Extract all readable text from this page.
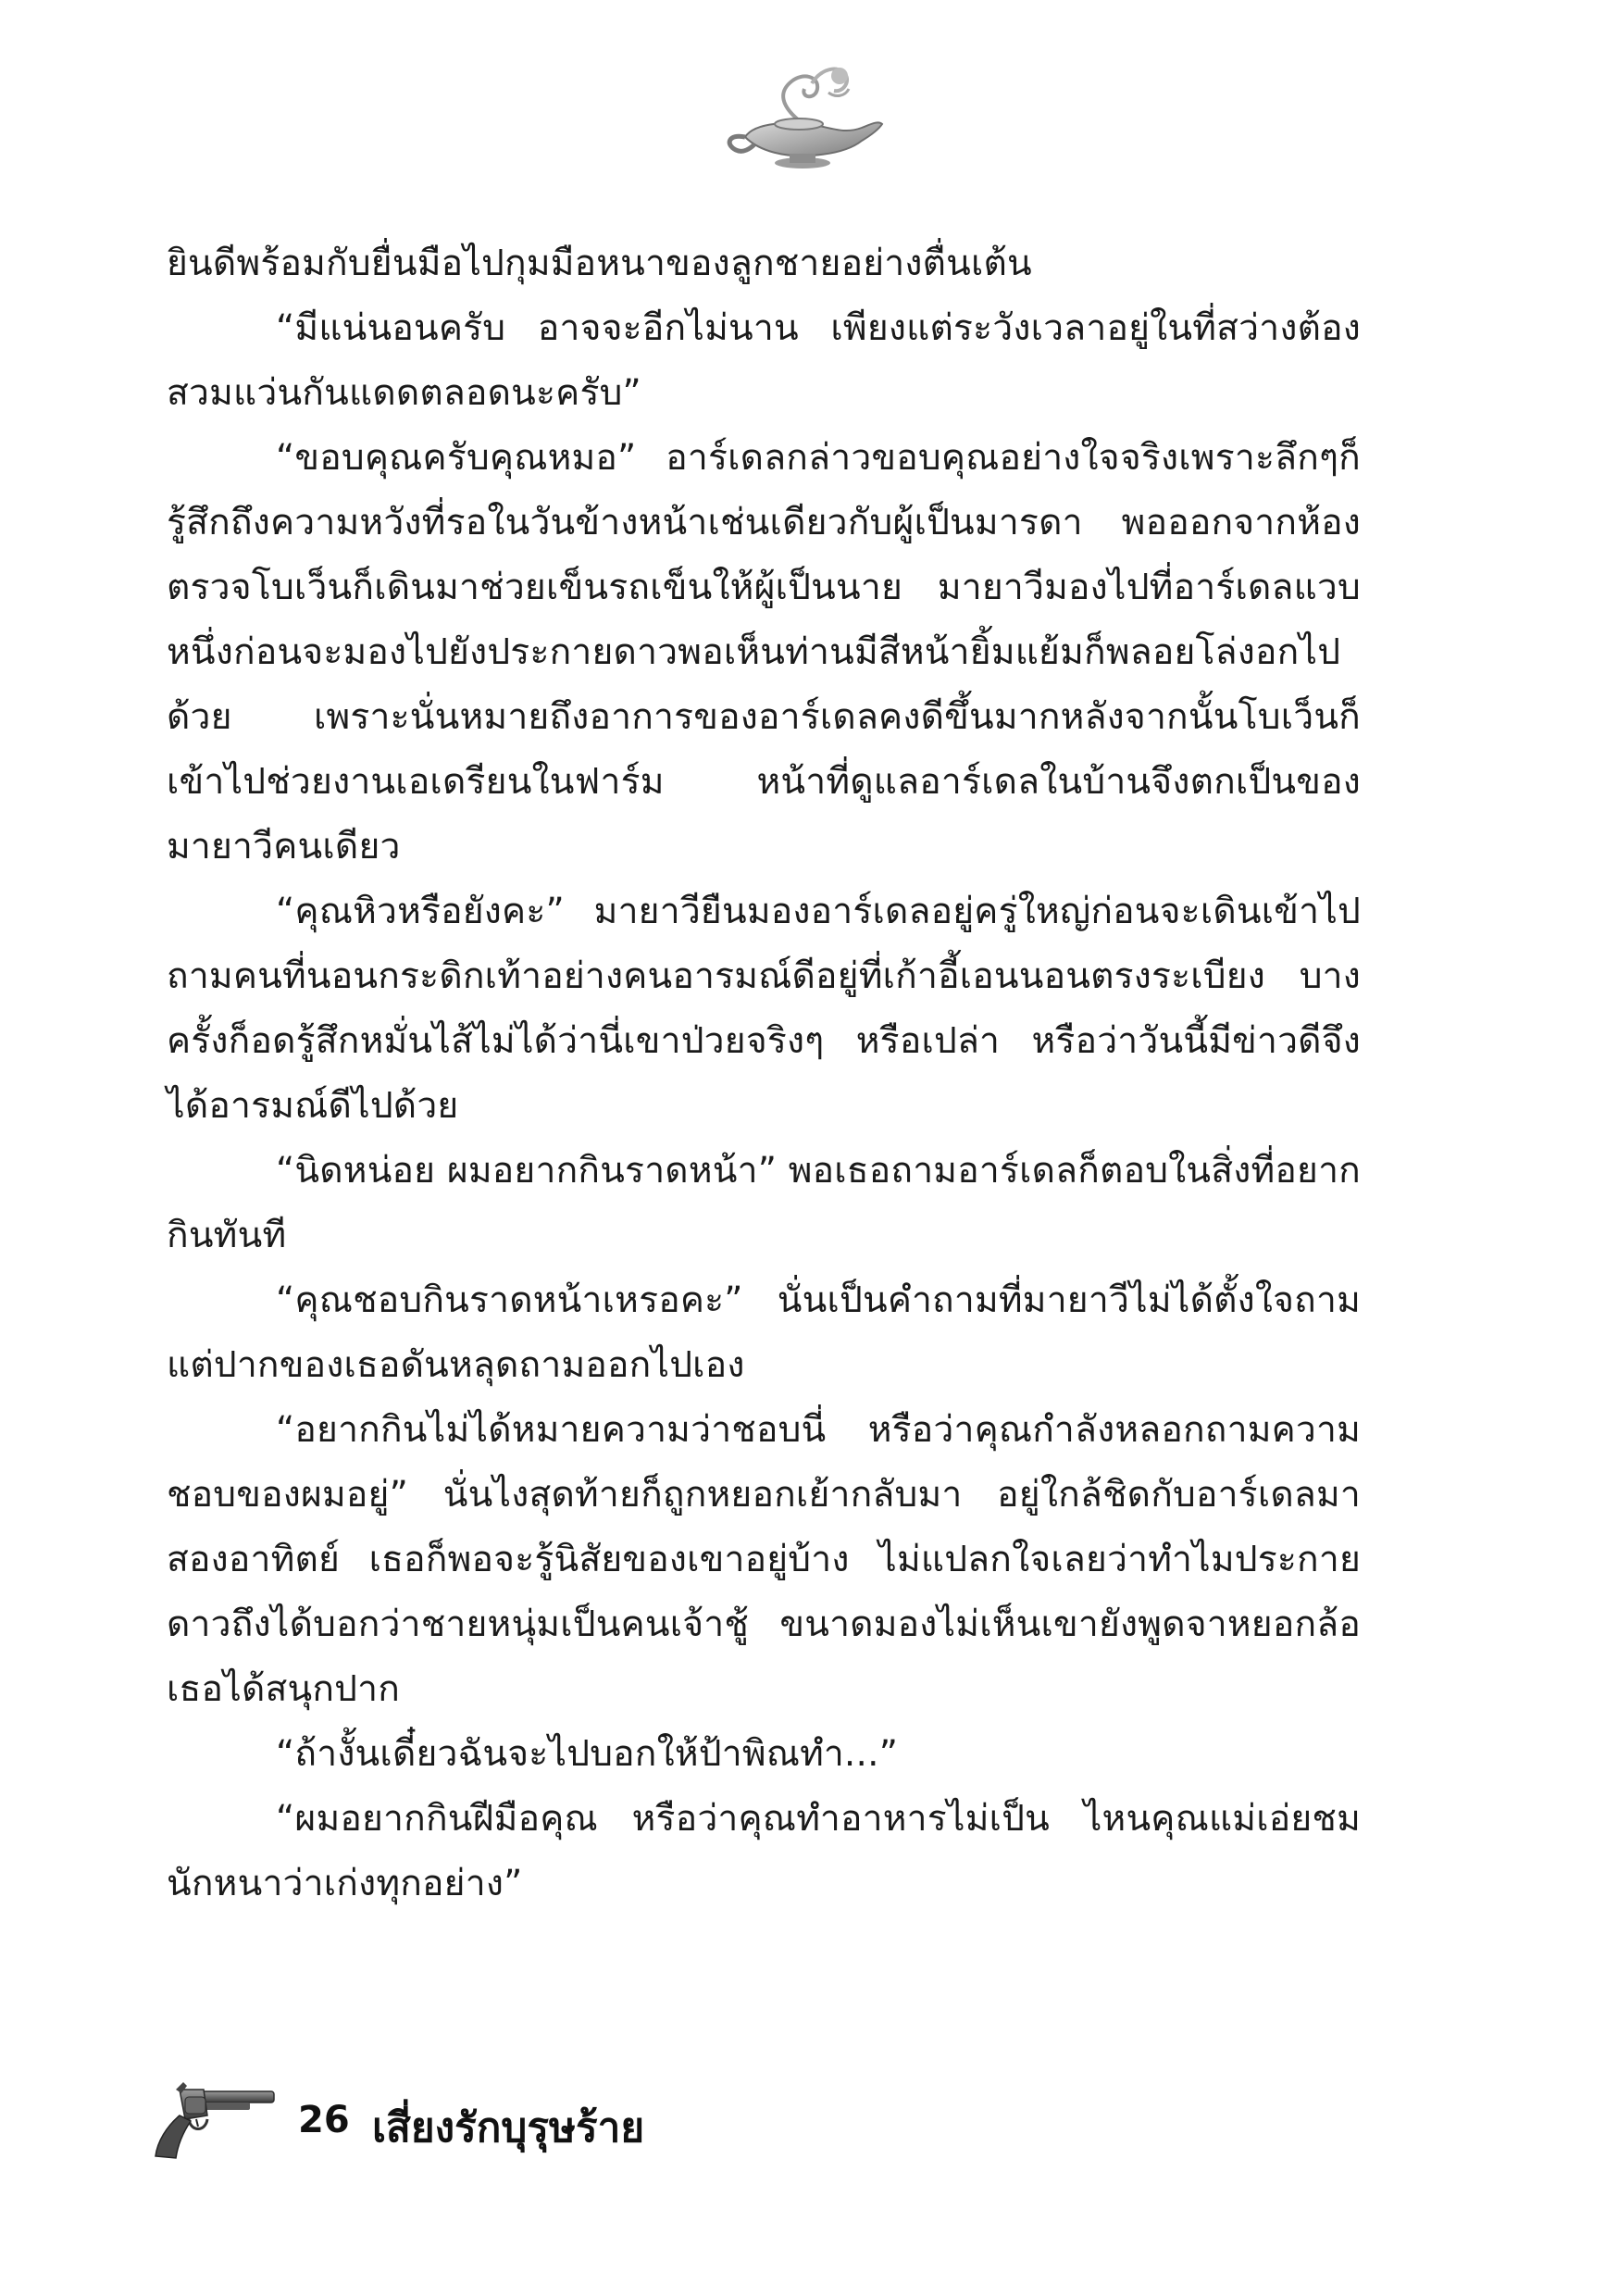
ยินดีพร้อมกับยื่นมือไปกุมมือหนาของลูกชายอย่างตื่นเต้น

“มีแน่นอนครับ อาจจะอีกไม่นาน เพียงแต่ระวังเวลาอยู่ในที่สว่างต้องสวมแว่นกันแดดตลอดนะครับ”

“ขอบคุณครับคุณหมอ” อาร์เดลกล่าวขอบคุณอย่างใจจริงเพราะลึกๆก็รู้สึกถึงความหวังที่รอในวันข้างหน้าเช่นเดียวกับผู้เป็นมารดา พอออกจากห้องตรวจโบเว็นก็เดินมาช่วยเข็นรถเข็นให้ผู้เป็นนาย มายาวีมองไปที่อาร์เดลแวบหนึ่งก่อนจะมองไปยังประกายดาวพอเห็นท่านมีสีหน้ายิ้มแย้มก็พลอยโล่งอกไปด้วย เพราะนั่นหมายถึงอาการของอาร์เดลคงดีขึ้นมากหลังจากนั้นโบเว็นก็เข้าไปช่วยงานเอเดรียนในฟาร์ม หน้าที่ดูแลอาร์เดลในบ้านจึงตกเป็นของมายาวีคนเดียว

“คุณหิวหรือยังคะ” มายาวียืนมองอาร์เดลอยู่ครู่ใหญ่ก่อนจะเดินเข้าไปถามคนที่นอนกระดิกเท้าอย่างคนอารมณ์ดีอยู่ที่เก้าอี้เอนนอนตรงระเบียง บางครั้งก็อดรู้สึกหมั่นไส้ไม่ได้ว่านี่เขาป่วยจริงๆ หรือเปล่า หรือว่าวันนี้มีข่าวดีจึงได้อารมณ์ดีไปด้วย

“นิดหน่อย ผมอยากกินราดหน้า” พอเธอถามอาร์เดลก็ตอบในสิ่งที่อยากกินทันที

“คุณชอบกินราดหน้าเหรอคะ” นั่นเป็นคำถามที่มายาวีไม่ได้ตั้งใจถาม แต่ปากของเธอดันหลุดถามออกไปเอง

“อยากกินไม่ได้หมายความว่าชอบนี่ หรือว่าคุณกำลังหลอกถามความชอบของผมอยู่” นั่นไงสุดท้ายก็ถูกหยอกเย้ากลับมา อยู่ใกล้ชิดกับอาร์เดลมาสองอาทิตย์ เธอก็พอจะรู้นิสัยของเขาอยู่บ้าง ไม่แปลกใจเลยว่าทำไมประกายดาวถึงได้บอกว่าชายหนุ่มเป็นคนเจ้าชู้ ขนาดมองไม่เห็นเขายังพูดจาหยอกล้อเธอได้สนุกปาก

“ถ้างั้นเดี๋ยวฉันจะไปบอกให้ป้าพิณทำ...”

“ผมอยากกินฝีมือคุณ หรือว่าคุณทำอาหารไม่เป็น ไหนคุณแม่เอ่ยชมนักหนาว่าเก่งทุกอย่าง”

26 เสี่ยงรักบุรุษร้าย
